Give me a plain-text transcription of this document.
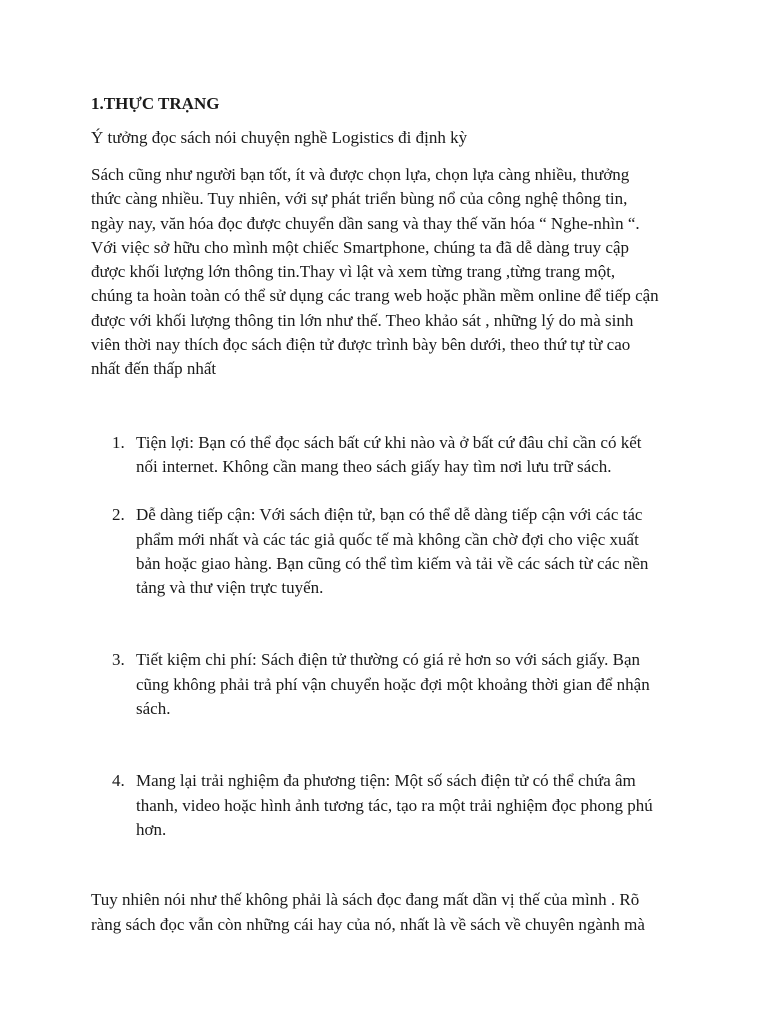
1.THỰC TRẠNG
Ý tưởng đọc sách nói chuyện nghề Logistics đi định kỳ
Sách cũng như người bạn tốt, ít và được chọn lựa, chọn lựa càng nhiều, thưởng
thức càng nhiều. Tuy nhiên, với sự phát triển bùng nổ của công nghệ thông tin,
ngày nay, văn hóa đọc được chuyển dần sang và thay thế văn hóa “ Nghe-nhìn “.
Với việc sở hữu cho mình một chiếc Smartphone, chúng ta đã dễ dàng truy cập
được khối lượng lớn thông tin.Thay vì lật và xem từng trang ,từng trang một,
chúng ta hoàn toàn có thể sử dụng các trang web hoặc phần mềm online để tiếp cận
được với khối lượng thông tin lớn như thế. Theo khảo sát , những lý do mà sinh
viên thời nay thích đọc sách điện tử được trình bày bên dưới, theo thứ tự từ cao
nhất đến thấp nhất
1. Tiện lợi: Bạn có thể đọc sách bất cứ khi nào và ở bất cứ đâu chỉ cần có kết
nối internet. Không cần mang theo sách giấy hay tìm nơi lưu trữ sách.
2. Dễ dàng tiếp cận: Với sách điện tử, bạn có thể dễ dàng tiếp cận với các tác
phẩm mới nhất và các tác giả quốc tế mà không cần chờ đợi cho việc xuất
bản hoặc giao hàng. Bạn cũng có thể tìm kiếm và tải về các sách từ các nền
tảng và thư viện trực tuyến.
3. Tiết kiệm chi phí: Sách điện tử thường có giá rẻ hơn so với sách giấy. Bạn
cũng không phải trả phí vận chuyển hoặc đợi một khoảng thời gian để nhận
sách.
4. Mang lại trải nghiệm đa phương tiện: Một số sách điện tử có thể chứa âm
thanh, video hoặc hình ảnh tương tác, tạo ra một trải nghiệm đọc phong phú
hơn.
Tuy nhiên nói như thế không phải là sách đọc đang mất dần vị thế của mình . Rõ
ràng sách đọc vẫn còn những cái hay của nó, nhất là về sách về chuyên ngành mà
